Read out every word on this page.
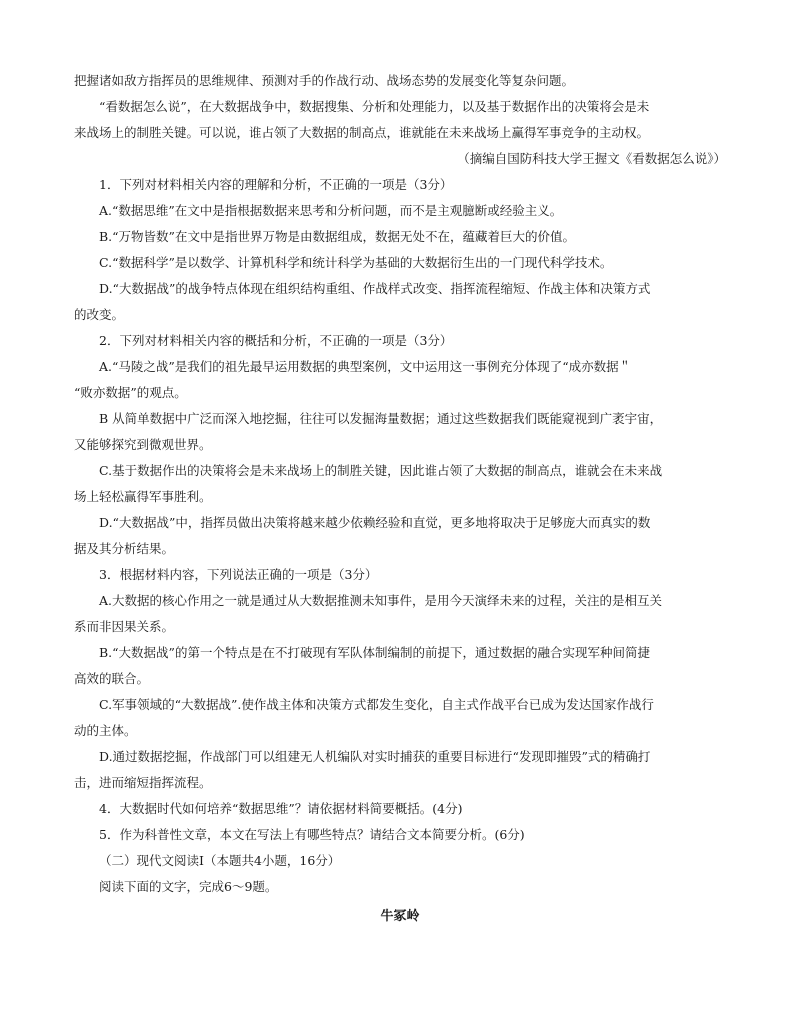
把握诸如敌方指挥员的思维规律、预测对手的作战行动、战场态势的发展变化等复杂问题。

“看数据怎么说”，在大数据战争中，数据搜集、分析和处理能力，以及基于数据作出的决策将会是未

来战场上的制胜关键。可以说，谁占领了大数据的制高点，谁就能在未来战场上赢得军事竞争的主动权。

（摘编自国防科技大学王握文《看数据怎么说》）

1．下列对材料相关内容的理解和分析，不正确的一项是（3分）

A.“数据思维”在文中是指根据数据来思考和分析问题，而不是主观臆断或经验主义。

B.“万物皆数”在文中是指世界万物是由数据组成，数据无处不在，蕴藏着巨大的价值。

C.“数据科学”是以数学、计算机科学和统计科学为基础的大数据衍生出的一门现代科学技术。

D.“大数据战”的战争特点体现在组织结构重组、作战样式改变、指挥流程缩短、作战主体和决策方式

的改变。

2．下列对材料相关内容的概括和分析，不正确的一项是（3分）

A.“马陵之战”是我们的祖先最早运用数据的典型案例，文中运用这一事例充分体现了“成亦数据＂

“败亦数据”的观点。

B 从简单数据中广泛而深入地挖掘，往往可以发掘海量数据；通过这些数据我们既能窥视到广袤宇宙，

又能够探究到微观世界。

C.基于数据作出的决策将会是未来战场上的制胜关键，因此谁占领了大数据的制高点，谁就会在未来战

场上轻松赢得军事胜利。

D.“大数据战”中，指挥员做出决策将越来越少依赖经验和直觉，更多地将取决于足够庞大而真实的数

据及其分析结果。

3．根据材料内容，下列说法正确的一项是（3分）

A.大数据的核心作用之一就是通过从大数据推测未知事件，是用今天演绎未来的过程，关注的是相互关

系而非因果关系。

B.“大数据战”的第一个特点是在不打破现有军队体制编制的前提下，通过数据的融合实现军种间简捷

高效的联合。

C.军事领域的“大数据战”.使作战主体和决策方式都发生变化，自主式作战平台已成为发达国家作战行

动的主体。

D.通过数据挖掘，作战部门可以组建无人机编队对实时捕获的重要目标进行“发现即摧毁”式的精确打

击，进而缩短指挥流程。

4．大数据时代如何培养“数据思维”？请依据材料简要概括。(4分)

5．作为科普性文章，本文在写法上有哪些特点？请结合文本简要分析。(6分)

（二）现代文阅读I（本题共4小题，16分）

阅读下面的文字，完成6～9题。

牛冢岭
